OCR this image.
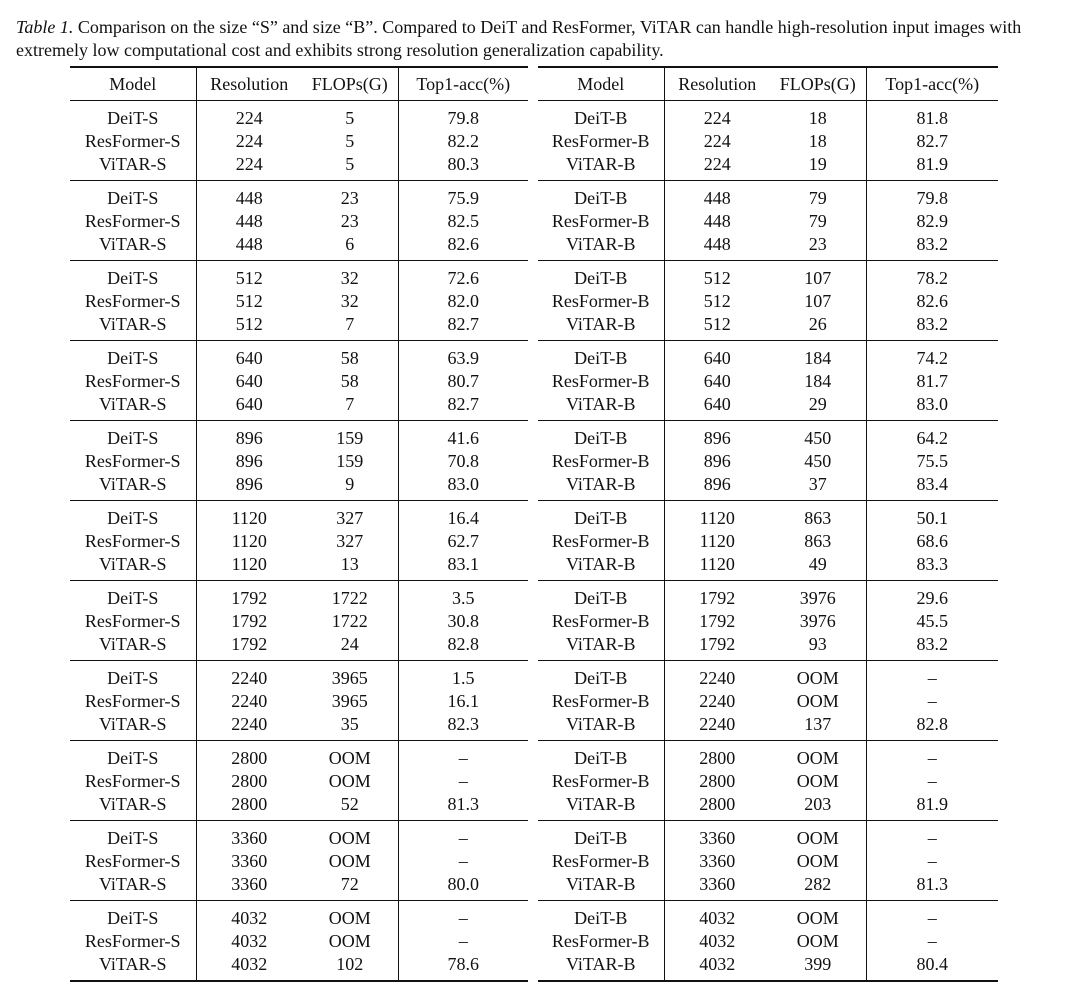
Table 1. Comparison on the size “S” and size “B”. Compared to DeiT and ResFormer, ViTAR can handle high-resolution input images with extremely low computational cost and exhibits strong resolution generalization capability.
Model	Resolution	FLOPs(G)	Top1-acc(%)
DeiT-S	224	5	79.8
ResFormer-S	224	5	82.2
ViTAR-S	224	5	80.3
DeiT-S	448	23	75.9
ResFormer-S	448	23	82.5
ViTAR-S	448	6	82.6
DeiT-S	512	32	72.6
ResFormer-S	512	32	82.0
ViTAR-S	512	7	82.7
DeiT-S	640	58	63.9
ResFormer-S	640	58	80.7
ViTAR-S	640	7	82.7
DeiT-S	896	159	41.6
ResFormer-S	896	159	70.8
ViTAR-S	896	9	83.0
DeiT-S	1120	327	16.4
ResFormer-S	1120	327	62.7
ViTAR-S	1120	13	83.1
DeiT-S	1792	1722	3.5
ResFormer-S	1792	1722	30.8
ViTAR-S	1792	24	82.8
DeiT-S	2240	3965	1.5
ResFormer-S	2240	3965	16.1
ViTAR-S	2240	35	82.3
DeiT-S	2800	OOM	–
ResFormer-S	2800	OOM	–
ViTAR-S	2800	52	81.3
DeiT-S	3360	OOM	–
ResFormer-S	3360	OOM	–
ViTAR-S	3360	72	80.0
DeiT-S	4032	OOM	–
ResFormer-S	4032	OOM	–
ViTAR-S	4032	102	78.6
Model	Resolution	FLOPs(G)	Top1-acc(%)
DeiT-B	224	18	81.8
ResFormer-B	224	18	82.7
ViTAR-B	224	19	81.9
DeiT-B	448	79	79.8
ResFormer-B	448	79	82.9
ViTAR-B	448	23	83.2
DeiT-B	512	107	78.2
ResFormer-B	512	107	82.6
ViTAR-B	512	26	83.2
DeiT-B	640	184	74.2
ResFormer-B	640	184	81.7
ViTAR-B	640	29	83.0
DeiT-B	896	450	64.2
ResFormer-B	896	450	75.5
ViTAR-B	896	37	83.4
DeiT-B	1120	863	50.1
ResFormer-B	1120	863	68.6
ViTAR-B	1120	49	83.3
DeiT-B	1792	3976	29.6
ResFormer-B	1792	3976	45.5
ViTAR-B	1792	93	83.2
DeiT-B	2240	OOM	–
ResFormer-B	2240	OOM	–
ViTAR-B	2240	137	82.8
DeiT-B	2800	OOM	–
ResFormer-B	2800	OOM	–
ViTAR-B	2800	203	81.9
DeiT-B	3360	OOM	–
ResFormer-B	3360	OOM	–
ViTAR-B	3360	282	81.3
DeiT-B	4032	OOM	–
ResFormer-B	4032	OOM	–
ViTAR-B	4032	399	80.4
